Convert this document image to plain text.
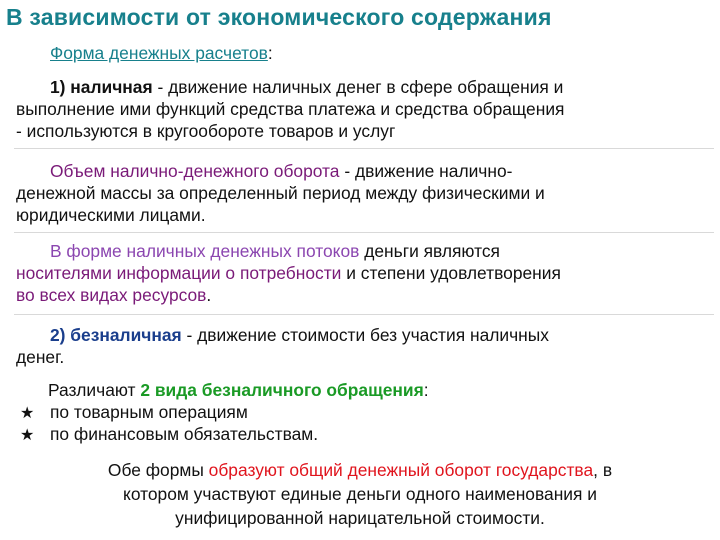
В зависимости от экономического содержания
Форма денежных расчетов:
1) наличная - движение наличных денег в сфере обращения и
выполнение ими функций средства платежа и средства обращения
- используются в кругообороте товаров и услуг
Объем налично-денежного оборота - движение налично-
денежной массы за определенный период между физическими и
юридическими лицами.
В форме наличных денежных потоков деньги являются
носителями информации о потребности и степени удовлетворения
во всех видах ресурсов.
2) безналичная - движение стоимости без участия наличных
денег.
Различают 2 вида безналичного обращения:
★ по товарным операциям
★ по финансовым обязательствам.
Обе формы образуют общий денежный оборот государства, в
котором участвуют единые деньги одного наименования и
унифицированной нарицательной стоимости.
